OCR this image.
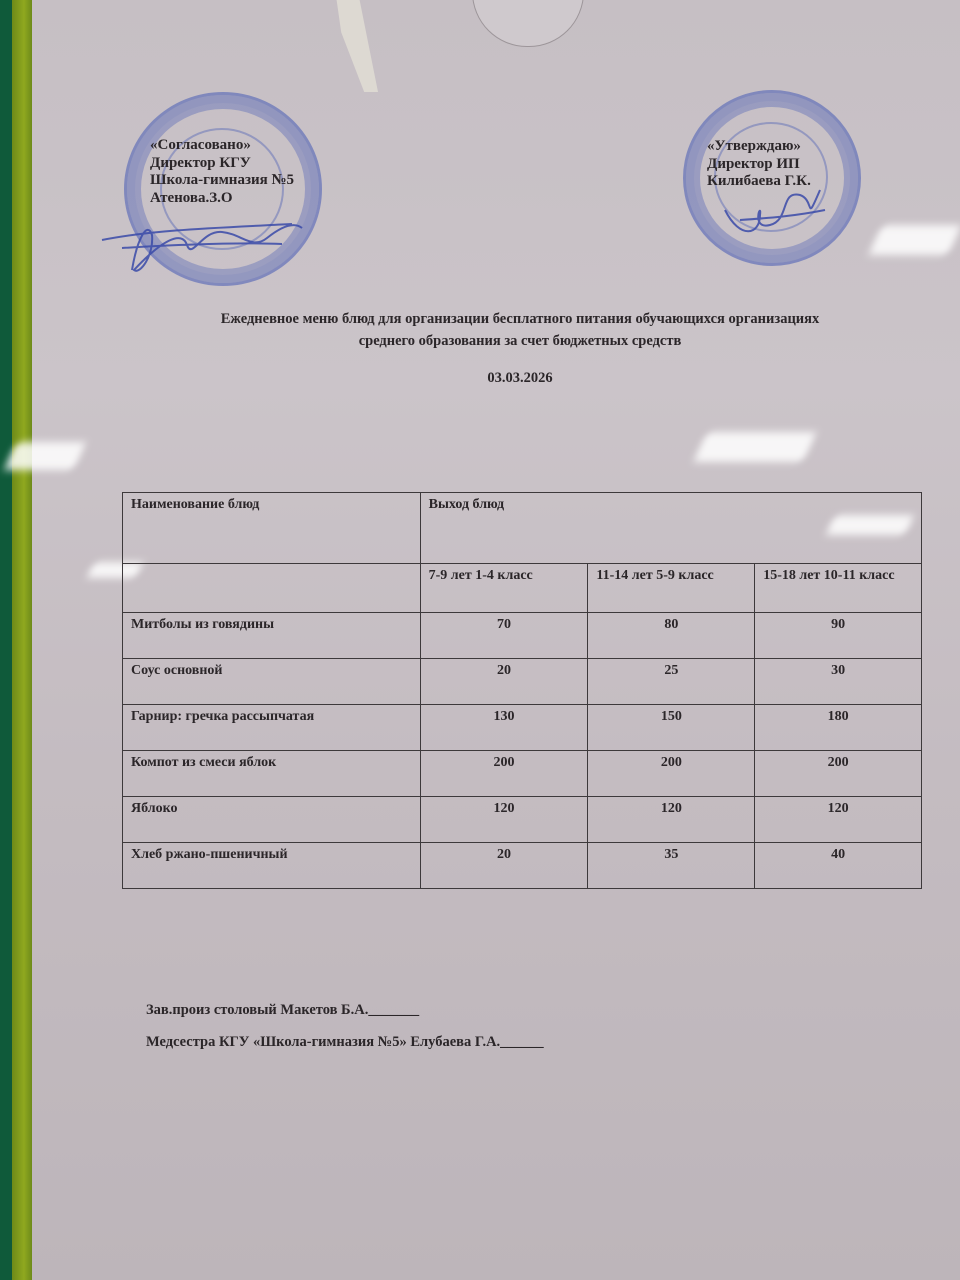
«Согласовано»
Директор КГУ
Школа-гимназия №5
Атенова.З.О
«Утверждаю»
Директор ИП
Килибаева Г.К.
Ежедневное меню блюд для организации бесплатного питания обучающихся организациях
среднего образования за счет бюджетных средств
03.03.2026
Наименование блюд	Выход блюд		
	7-9 лет 1-4 класс	11-14 лет 5-9 класс	15-18 лет 10-11 класс
Митболы из говядины	70	80	90
Соус основной	20	25	30
Гарнир: гречка рассыпчатая	130	150	180
Компот из смеси яблок	200	200	200
Яблоко	120	120	120
Хлеб ржано-пшеничный	20	35	40
Зав.произ столовый Макетов Б.А._______
Медсестра КГУ «Школа-гимназия №5» Елубаева Г.А.______
